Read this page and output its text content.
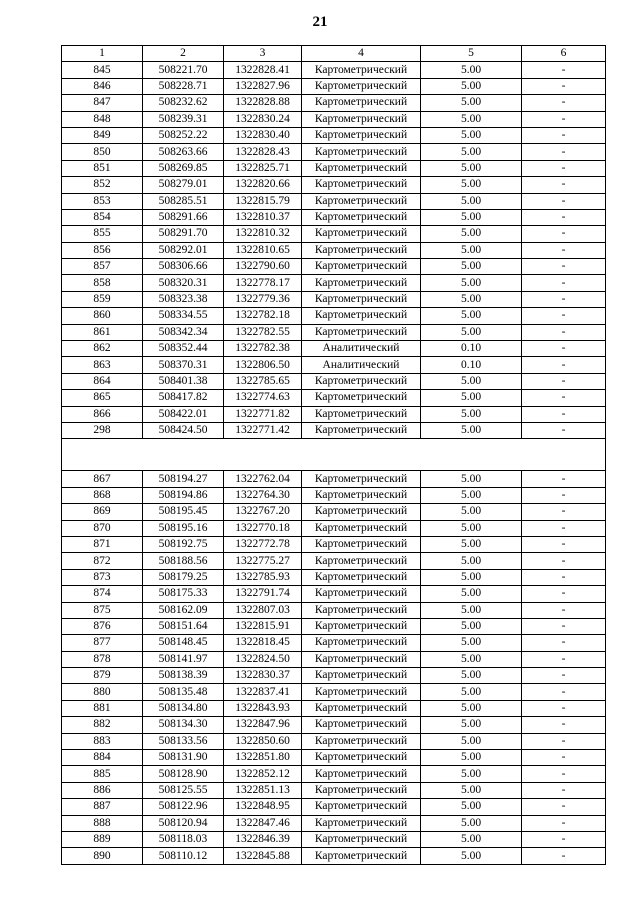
21
1	2	3	4	5	6
845	508221.70	1322828.41	Картометрический	5.00	-
846	508228.71	1322827.96	Картометрический	5.00	-
847	508232.62	1322828.88	Картометрический	5.00	-
848	508239.31	1322830.24	Картометрический	5.00	-
849	508252.22	1322830.40	Картометрический	5.00	-
850	508263.66	1322828.43	Картометрический	5.00	-
851	508269.85	1322825.71	Картометрический	5.00	-
852	508279.01	1322820.66	Картометрический	5.00	-
853	508285.51	1322815.79	Картометрический	5.00	-
854	508291.66	1322810.37	Картометрический	5.00	-
855	508291.70	1322810.32	Картометрический	5.00	-
856	508292.01	1322810.65	Картометрический	5.00	-
857	508306.66	1322790.60	Картометрический	5.00	-
858	508320.31	1322778.17	Картометрический	5.00	-
859	508323.38	1322779.36	Картометрический	5.00	-
860	508334.55	1322782.18	Картометрический	5.00	-
861	508342.34	1322782.55	Картометрический	5.00	-
862	508352.44	1322782.38	Аналитический	0.10	-
863	508370.31	1322806.50	Аналитический	0.10	-
864	508401.38	1322785.65	Картометрический	5.00	-
865	508417.82	1322774.63	Картометрический	5.00	-
866	508422.01	1322771.82	Картометрический	5.00	-
298	508424.50	1322771.42	Картометрический	5.00	-

867	508194.27	1322762.04	Картометрический	5.00	-
868	508194.86	1322764.30	Картометрический	5.00	-
869	508195.45	1322767.20	Картометрический	5.00	-
870	508195.16	1322770.18	Картометрический	5.00	-
871	508192.75	1322772.78	Картометрический	5.00	-
872	508188.56	1322775.27	Картометрический	5.00	-
873	508179.25	1322785.93	Картометрический	5.00	-
874	508175.33	1322791.74	Картометрический	5.00	-
875	508162.09	1322807.03	Картометрический	5.00	-
876	508151.64	1322815.91	Картометрический	5.00	-
877	508148.45	1322818.45	Картометрический	5.00	-
878	508141.97	1322824.50	Картометрический	5.00	-
879	508138.39	1322830.37	Картометрический	5.00	-
880	508135.48	1322837.41	Картометрический	5.00	-
881	508134.80	1322843.93	Картометрический	5.00	-
882	508134.30	1322847.96	Картометрический	5.00	-
883	508133.56	1322850.60	Картометрический	5.00	-
884	508131.90	1322851.80	Картометрический	5.00	-
885	508128.90	1322852.12	Картометрический	5.00	-
886	508125.55	1322851.13	Картометрический	5.00	-
887	508122.96	1322848.95	Картометрический	5.00	-
888	508120.94	1322847.46	Картометрический	5.00	-
889	508118.03	1322846.39	Картометрический	5.00	-
890	508110.12	1322845.88	Картометрический	5.00	-
